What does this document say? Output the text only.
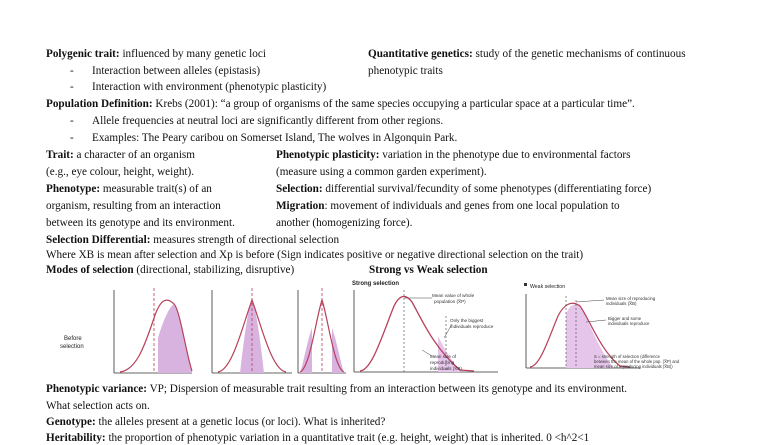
Polygenic trait: influenced by many genetic loci	Quantitative genetics: study of the genetic mechanisms of continuous
phenotypic traits
- Interaction between alleles (epistasis)
- Interaction with environment (phenotypic plasticity)
Population Definition: Krebs (2001): “a group of organisms of the same species occupying a particular space at a particular time”.
- Allele frequencies at neutral loci are significantly different from other regions.
- Examples: The Peary caribou on Somerset Island, The wolves in Algonquin Park.
Trait: a character of an organism
(e.g., eye colour, height, weight).
Phenotype: measurable trait(s) of an
organism, resulting from an interaction
between its genotype and its environment.
Phenotypic plasticity: variation in the phenotype due to environmental factors
(measure using a common garden experiment).
Selection: differential survival/fecundity of some phenotypes (differentiating force)
Migration: movement of individuals and genes from one local population to
another (homogenizing force).
Selection Differential: measures strength of directional selection
Where XB is mean after selection and Xp is before (Sign indicates positive or negative directional selection on the trait)
Modes of selection (directional, stabilizing, disruptive)	Strong vs Weak selection
Before
selection
Strong selection
Mean value of whole
population (X̅P)
Only the biggest
individuals reproduce
Mean size of
reproducing
individuals (X̅B)
Weak selection
Mean size of reproducing
individuals (X̅B)
Bigger and some
individuals reproduce
S = strength of selection (difference
between the mean of the whole pop. (X̅P) and
mean size of reproducing individuals (X̅B))
Phenotypic variance: VP; Dispersion of measurable trait resulting from an interaction between its genotype and its environment.
What selection acts on.
Genotype: the alleles present at a genetic locus (or loci). What is inherited?
Heritability: the proportion of phenotypic variation in a quantitative trait (e.g. height, weight) that is inherited. 0 <h^2<1
